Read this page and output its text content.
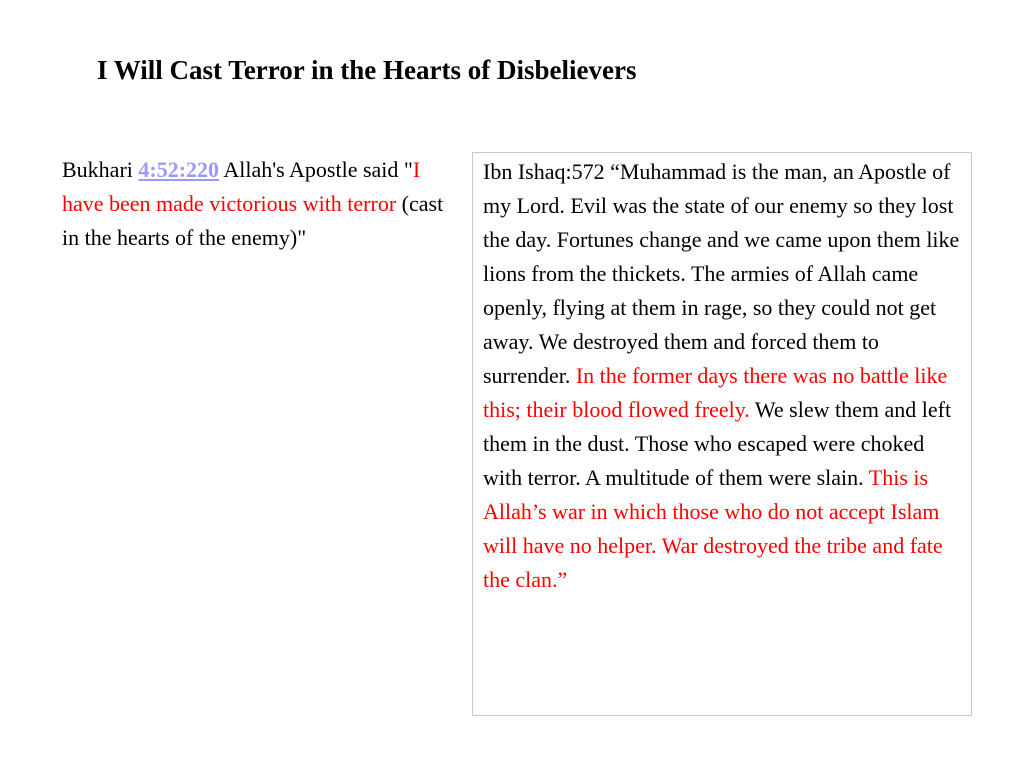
I Will Cast Terror in the Hearts of Disbelievers
Bukhari 4:52:220 Allah's Apostle said "I have been made victorious with terror (cast in the hearts of the enemy)"
Ibn Ishaq:572 “Muhammad is the man, an Apostle of my Lord. Evil was the state of our enemy so they lost the day. Fortunes change and we came upon them like lions from the thickets. The armies of Allah came openly, flying at them in rage, so they could not get away. We destroyed them and forced them to surrender. In the former days there was no battle like this; their blood flowed freely. We slew them and left them in the dust. Those who escaped were choked with terror. A multitude of them were slain. This is Allah’s war in which those who do not accept Islam will have no helper. War destroyed the tribe and fate the clan.”
